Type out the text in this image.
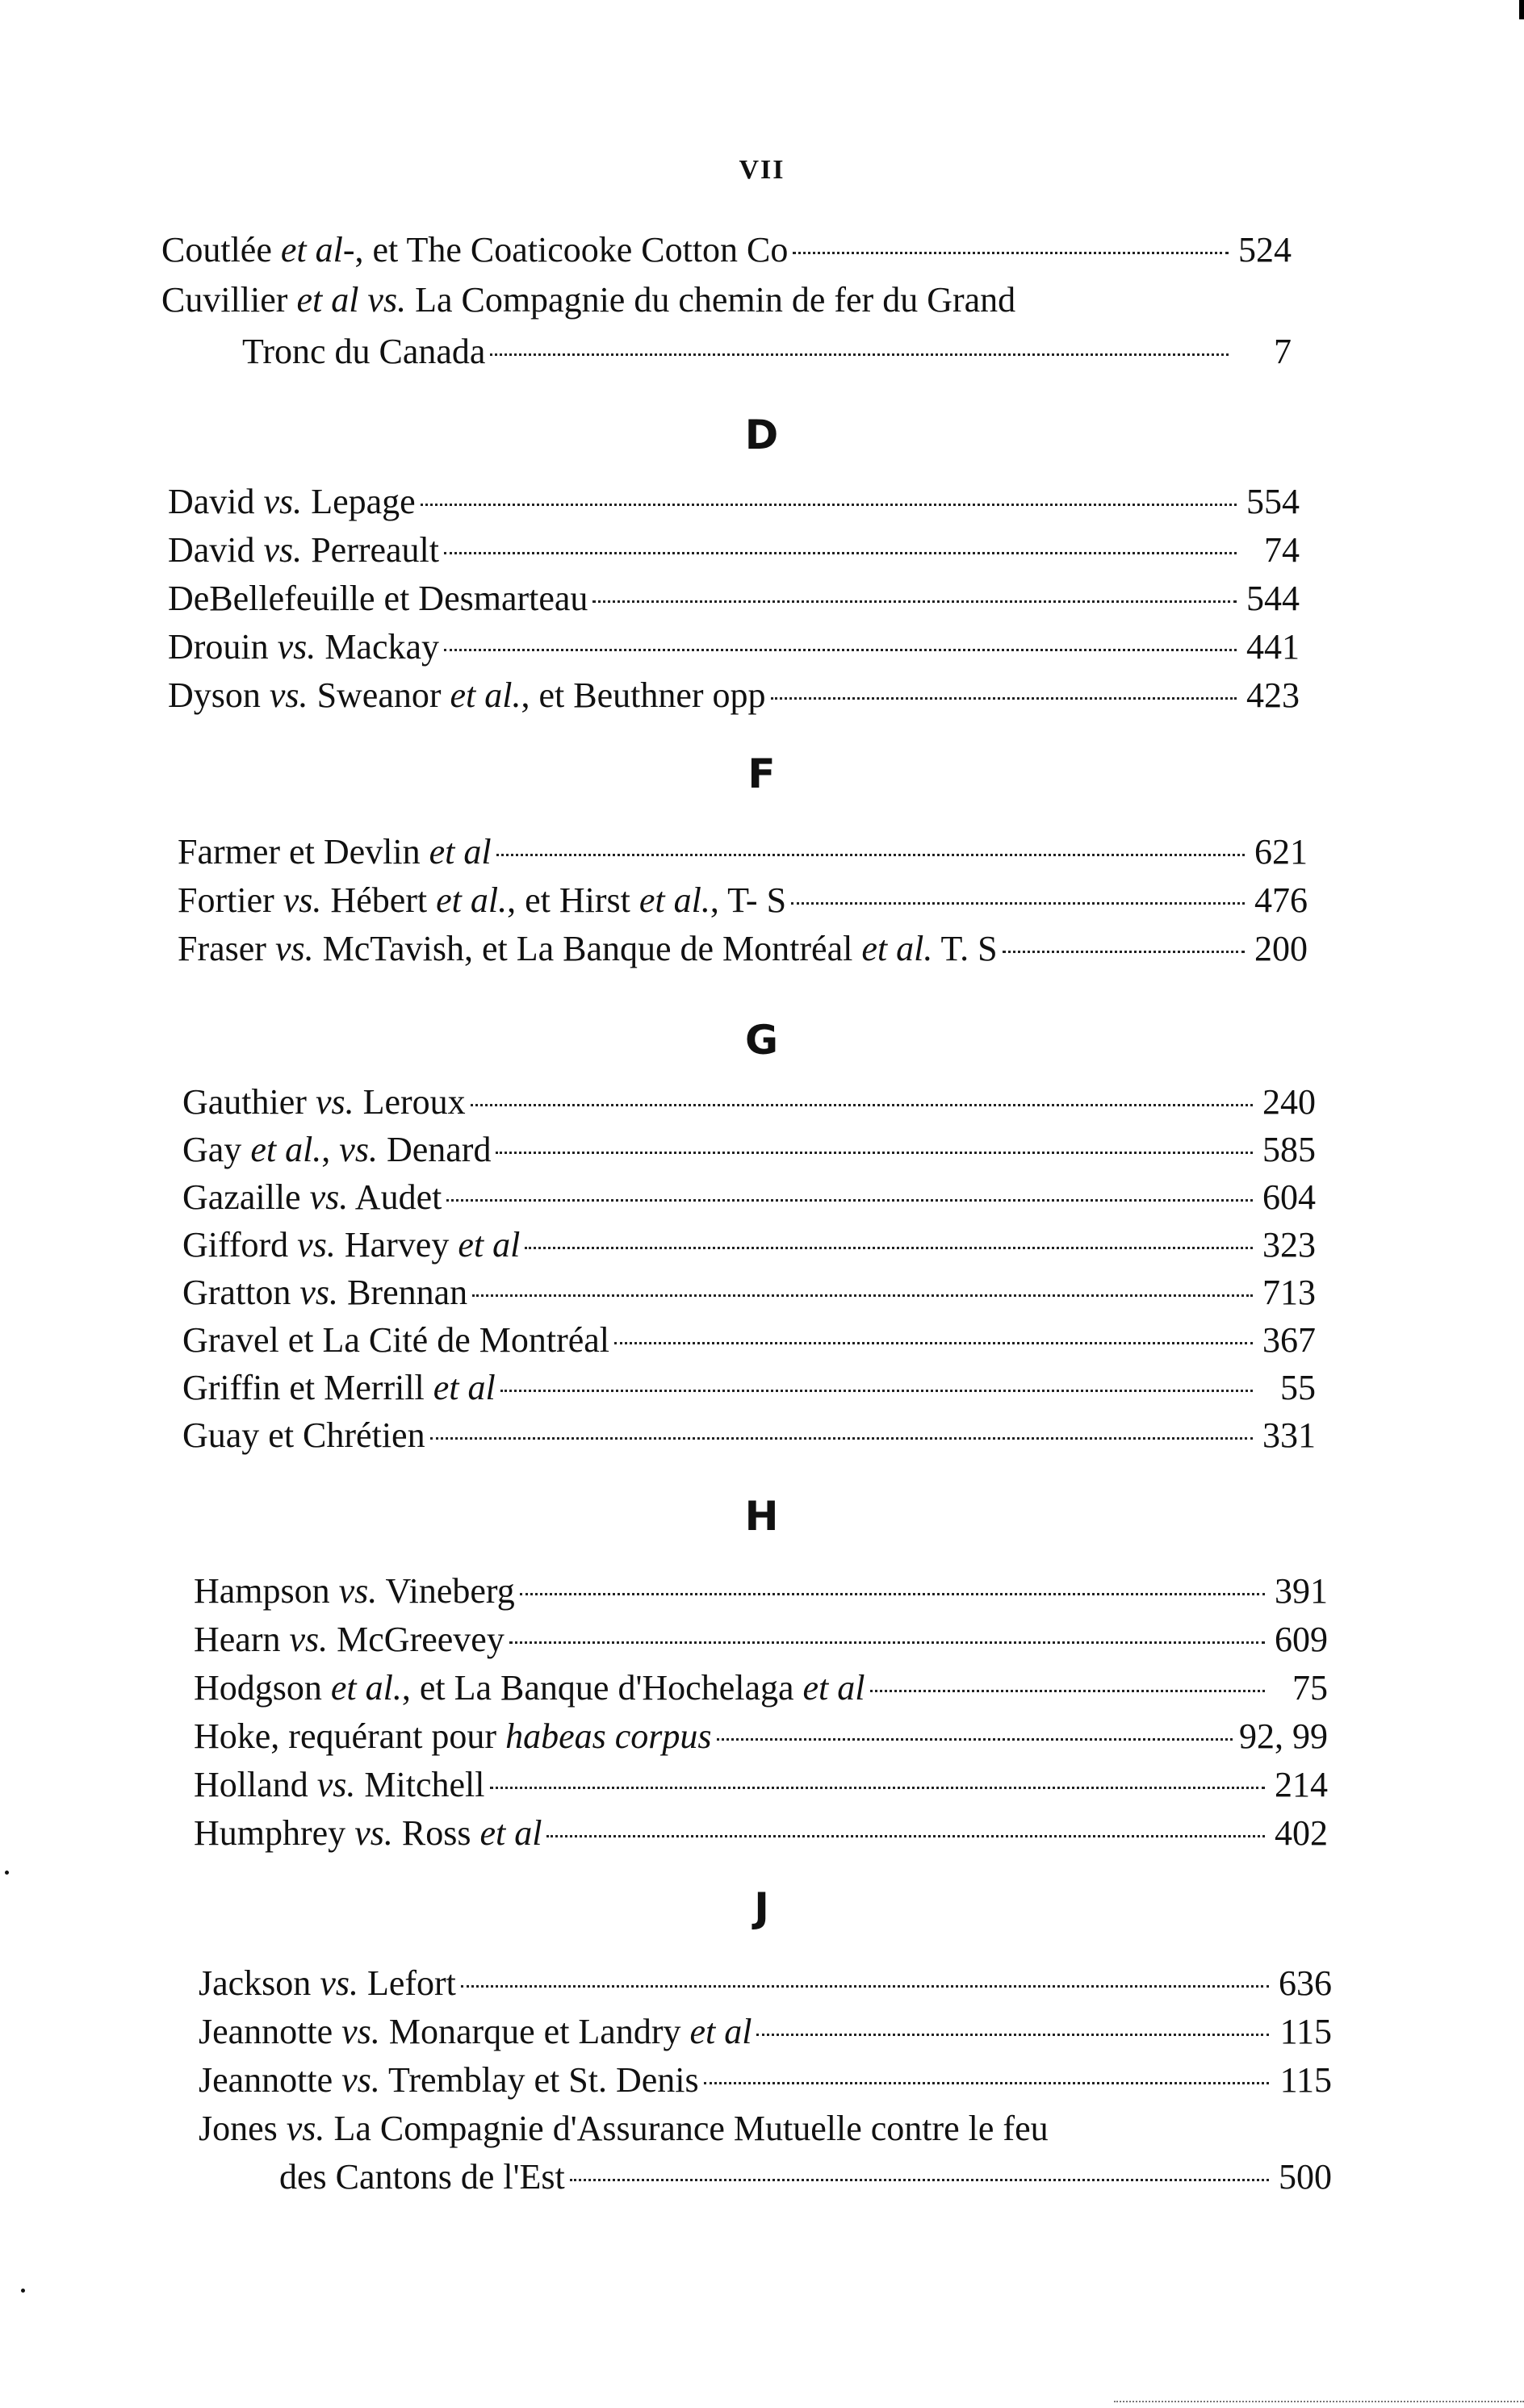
VII
Coutlée et al-, et The Coaticooke Cotton Co	524
Cuvillier et al vs. La Compagnie du chemin de fer du Grand
Tronc du Canada	7
D
David vs. Lepage	554
David vs. Perreault	74
DeBellefeuille et Desmarteau	544
Drouin vs. Mackay	441
Dyson vs. Sweanor et al., et Beuthner opp	423
F
Farmer et Devlin et al	621
Fortier vs. Hébert et al., et Hirst et al., T- S	476
Fraser vs. McTavish, et La Banque de Montréal et al. T. S	200
G
Gauthier vs. Leroux	240
Gay et al., vs. Denard	585
Gazaille vs. Audet	604
Gifford vs. Harvey et al	323
Gratton vs. Brennan	713
Gravel et La Cité de Montréal	367
Griffin et Merrill et al	55
Guay et Chrétien	331
H
Hampson vs. Vineberg	391
Hearn vs. McGreevey	609
Hodgson et al., et La Banque d'Hochelaga et al	75
Hoke, requérant pour habeas corpus	92, 99
Holland vs. Mitchell	214
Humphrey vs. Ross et al	402
J
Jackson vs. Lefort	636
Jeannotte vs. Monarque et Landry et al	115
Jeannotte vs. Tremblay et St. Denis	115
Jones vs. La Compagnie d'Assurance Mutuelle contre le feu
des Cantons de l'Est	500
